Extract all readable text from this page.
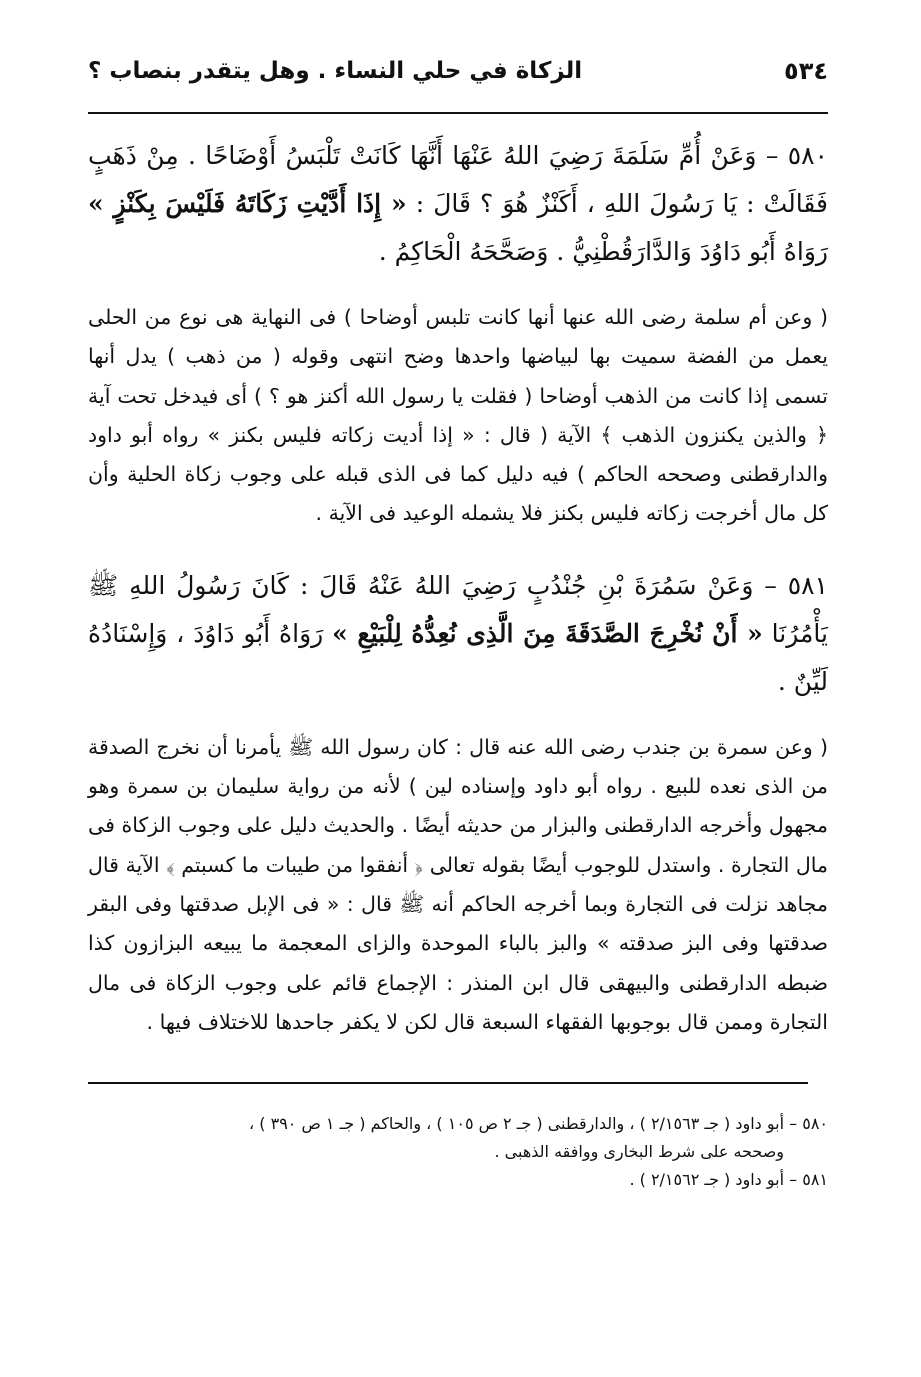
٥٣٤
الزكاة في حلي النساء . وهل يتقدر بنصاب ؟
٥٨٠ – وَعَنْ أُمِّ سَلَمَةَ رَضِيَ اللهُ عَنْهَا أَنَّهَا كَانَتْ تَلْبَسُ أَوْضَاحًا . مِنْ ذَهَبٍ فَقَالَتْ : يَا رَسُولَ اللهِ ، أَكَنْزٌ هُوَ ؟ قَالَ : « إِذَا أَدَّيْتِ زَكَاتَهُ فَلَيْسَ بِكَنْزٍ » رَوَاهُ أَبُو دَاوُدَ وَالدَّارَقُطْنِيُّ . وَصَحَّحَهُ الْحَاكِمُ .
( وعن أم سلمة رضى الله عنها أنها كانت تلبس أوضاحا ) فى النهاية هى نوع من الحلى يعمل من الفضة سميت بها لبياضها واحدها وضح انتهى وقوله ( من ذهب ) يدل أنها تسمى إذا كانت من الذهب أوضاحا ( فقلت يا رسول الله أكنز هو ؟ ) أى فيدخل تحت آية ﴿ والذين يكنزون الذهب ﴾ الآية ( قال : « إذا أديت زكاته فليس بكنز » رواه أبو داود والدارقطنى وصححه الحاكم ) فيه دليل كما فى الذى قبله على وجوب زكاة الحلية وأن كل مال أخرجت زكاته فليس بكنز فلا يشمله الوعيد فى الآية .
٥٨١ – وَعَنْ سَمُرَةَ بْنِ جُنْدُبٍ رَضِيَ اللهُ عَنْهُ قَالَ : كَانَ رَسُولُ اللهِ ﷺ يَأْمُرُنَا « أَنْ نُخْرِجَ الصَّدَقَةَ مِنَ الَّذِى نُعِدُّهُ لِلْبَيْعِ » رَوَاهُ أَبُو دَاوُدَ ، وَإِسْنَادُهُ لَيِّنٌ .
( وعن سمرة بن جندب رضى الله عنه قال : كان رسول الله ﷺ يأمرنا أن نخرج الصدقة من الذى نعده للبيع . رواه أبو داود وإسناده لين ) لأنه من رواية سليمان بن سمرة وهو مجهول وأخرجه الدارقطنى والبزار من حديثه أيضًا . والحديث دليل على وجوب الزكاة فى مال التجارة . واستدل للوجوب أيضًا بقوله تعالى ﴿ أنفقوا من طيبات ما كسبتم ﴾ الآية قال مجاهد نزلت فى التجارة وبما أخرجه الحاكم أنه ﷺ قال : « فى الإبل صدقتها وفى البقر صدقتها وفى البز صدقته » والبز بالباء الموحدة والزاى المعجمة ما يبيعه البزازون كذا ضبطه الدارقطنى والبيهقى قال ابن المنذر : الإجماع قائم على وجوب الزكاة فى مال التجارة وممن قال بوجوبها الفقهاء السبعة قال لكن لا يكفر جاحدها للاختلاف فيها .
٥٨٠ – أبو داود ( جـ ٢/١٥٦٣ ) ، والدارقطنى ( جـ ٢ ص ١٠٥ ) ، والحاكم ( جـ ١ ص ٣٩٠ ) ،
وصححه على شرط البخارى ووافقه الذهبى .
٥٨١ – أبو داود ( جـ ٢/١٥٦٢ ) .
